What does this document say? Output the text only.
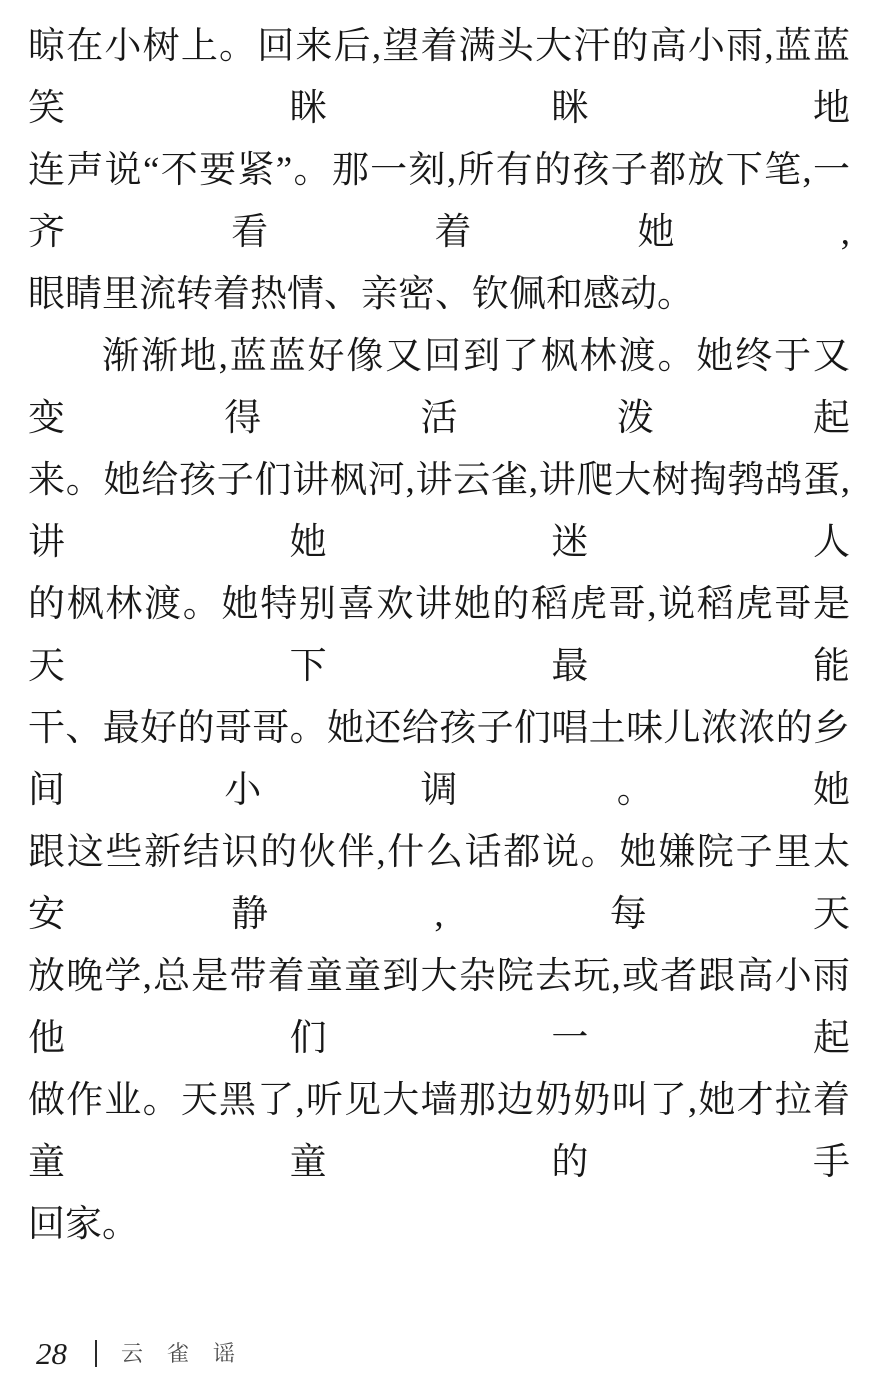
晾在小树上。回来后,望着满头大汗的高小雨,蓝蓝笑眯眯地
连声说“不要紧”。那一刻,所有的孩子都放下笔,一齐看着她,
眼睛里流转着热情、亲密、钦佩和感动。
渐渐地,蓝蓝好像又回到了枫林渡。她终于又变得活泼起
来。她给孩子们讲枫河,讲云雀,讲爬大树掏鹁鸪蛋,讲她迷人
的枫林渡。她特别喜欢讲她的稻虎哥,说稻虎哥是天下最能
干、最好的哥哥。她还给孩子们唱土味儿浓浓的乡间小调。她
跟这些新结识的伙伴,什么话都说。她嫌院子里太安静,每天
放晚学,总是带着童童到大杂院去玩,或者跟高小雨他们一起
做作业。天黑了,听见大墙那边奶奶叫了,她才拉着童童的手
回家。
28 云雀谣
